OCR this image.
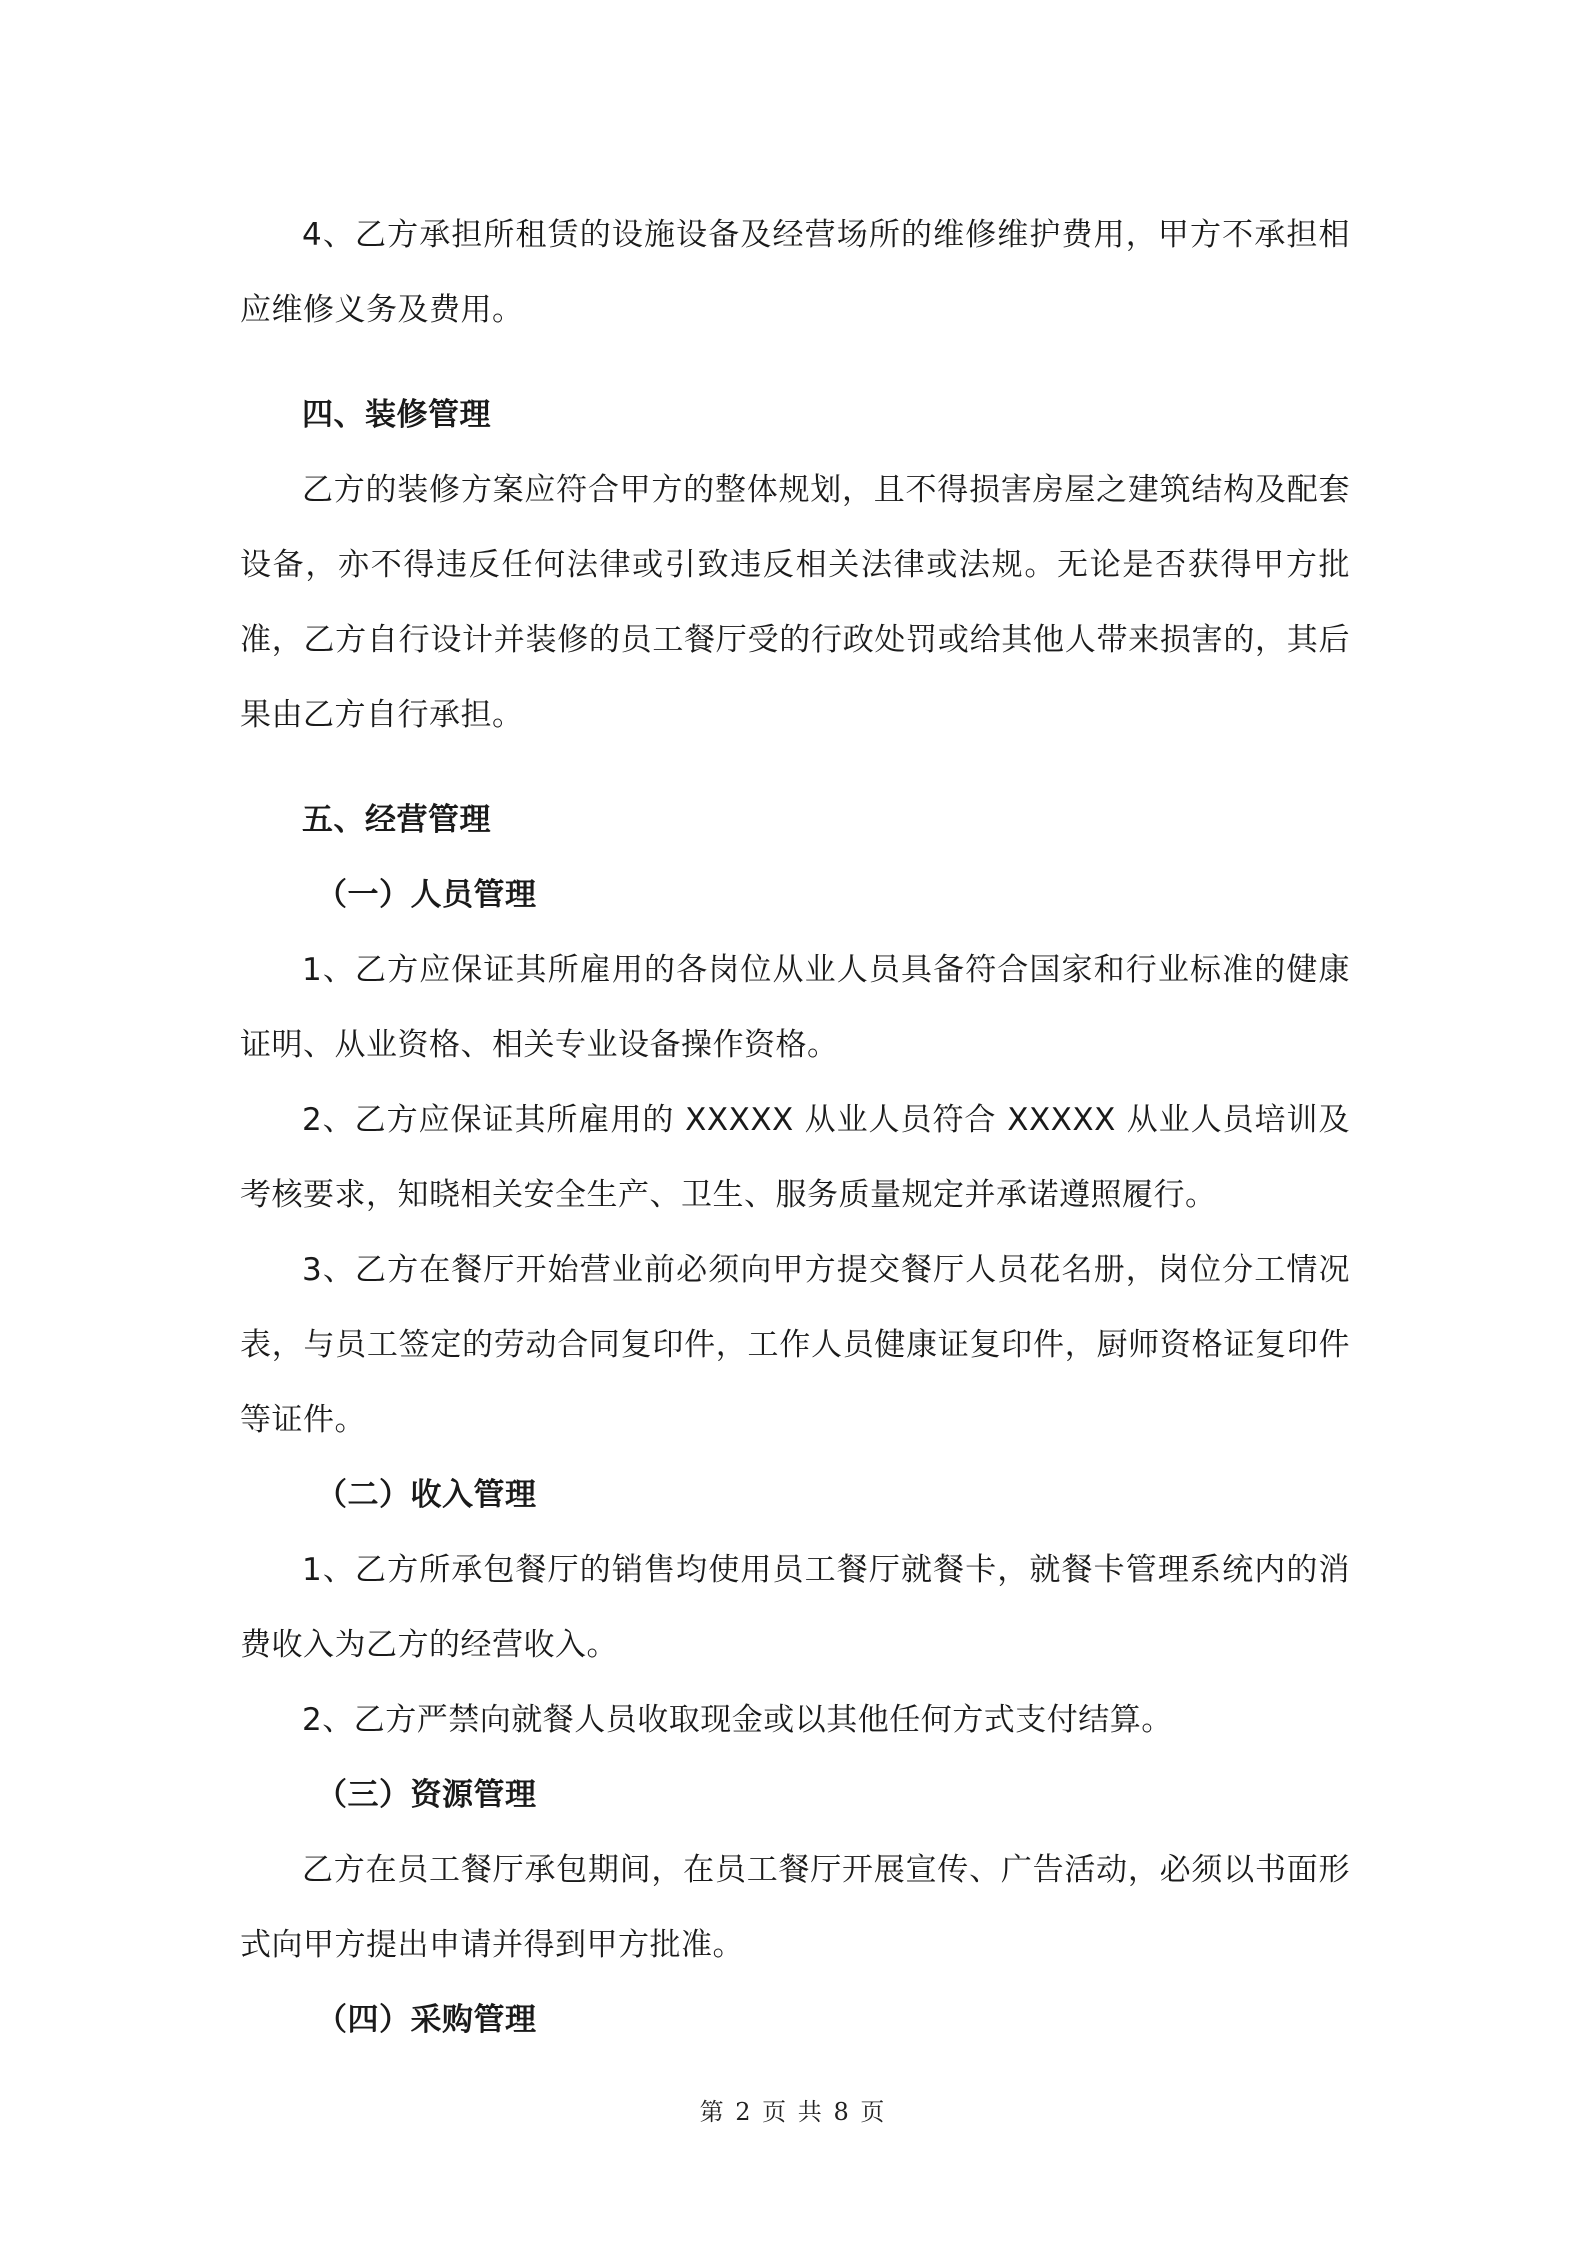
4、乙方承担所租赁的设施设备及经营场所的维修维护费用，甲方不承担相应维修义务及费用。

四、装修管理

乙方的装修方案应符合甲方的整体规划，且不得损害房屋之建筑结构及配套设备，亦不得违反任何法律或引致违反相关法律或法规。无论是否获得甲方批准，乙方自行设计并装修的员工餐厅受的行政处罚或给其他人带来损害的，其后果由乙方自行承担。

五、经营管理

（一）人员管理

1、乙方应保证其所雇用的各岗位从业人员具备符合国家和行业标准的健康证明、从业资格、相关专业设备操作资格。

2、乙方应保证其所雇用的 XXXXX 从业人员符合 XXXXX 从业人员培训及考核要求，知晓相关安全生产、卫生、服务质量规定并承诺遵照履行。

3、乙方在餐厅开始营业前必须向甲方提交餐厅人员花名册，岗位分工情况表，与员工签定的劳动合同复印件，工作人员健康证复印件，厨师资格证复印件等证件。

（二）收入管理

1、乙方所承包餐厅的销售均使用员工餐厅就餐卡，就餐卡管理系统内的消费收入为乙方的经营收入。

2、乙方严禁向就餐人员收取现金或以其他任何方式支付结算。

（三）资源管理

乙方在员工餐厅承包期间，在员工餐厅开展宣传、广告活动，必须以书面形式向甲方提出申请并得到甲方批准。

（四）采购管理

第 2 页 共 8 页
